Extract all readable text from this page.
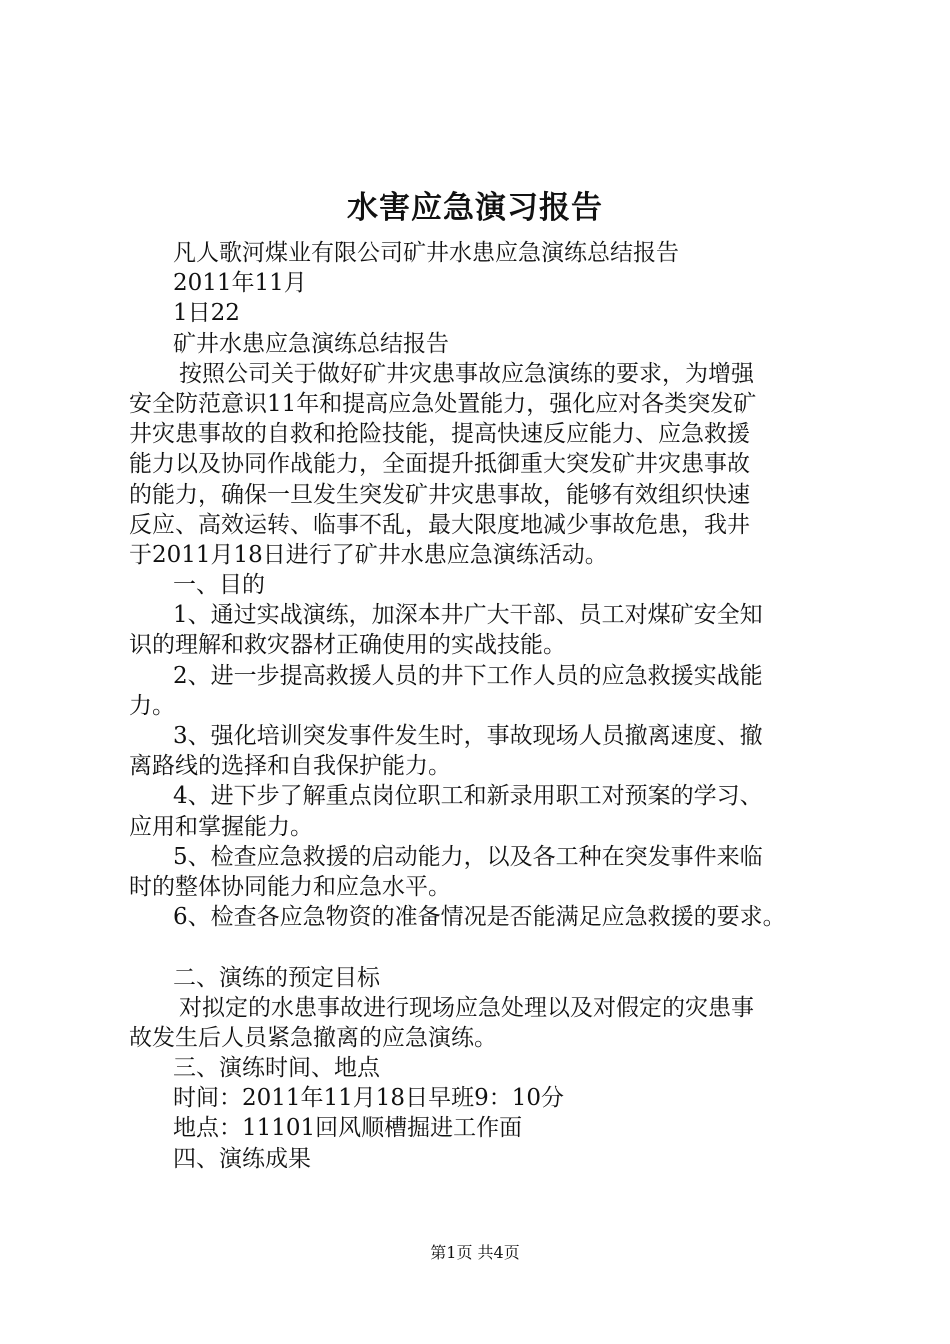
水害应急演习报告
凡人歌河煤业有限公司矿井水患应急演练总结报告
2011年11月
1日22
矿井水患应急演练总结报告
按照公司关于做好矿井灾患事故应急演练的要求，为增强
安全防范意识11年和提高应急处置能力，强化应对各类突发矿
井灾患事故的自救和抢险技能，提高快速反应能力、应急救援
能力以及协同作战能力，全面提升抵御重大突发矿井灾患事故
的能力，确保一旦发生突发矿井灾患事故，能够有效组织快速
反应、高效运转、临事不乱，最大限度地减少事故危患，我井
于2011月18日进行了矿井水患应急演练活动。
一、目的
1、通过实战演练，加深本井广大干部、员工对煤矿安全知
识的理解和救灾器材正确使用的实战技能。
2、进一步提高救援人员的井下工作人员的应急救援实战能
力。
3、强化培训突发事件发生时，事故现场人员撤离速度、撤
离路线的选择和自我保护能力。
4、进下步了解重点岗位职工和新录用职工对预案的学习、
应用和掌握能力。
5、检查应急救援的启动能力，以及各工种在突发事件来临
时的整体协同能力和应急水平。
6、检查各应急物资的准备情况是否能满足应急救援的要求。
二、演练的预定目标
对拟定的水患事故进行现场应急处理以及对假定的灾患事
故发生后人员紧急撤离的应急演练。
三、演练时间、地点
时间：2011年11月18日早班9：10分
地点：11101回风顺槽掘进工作面
四、演练成果
第1页 共4页
